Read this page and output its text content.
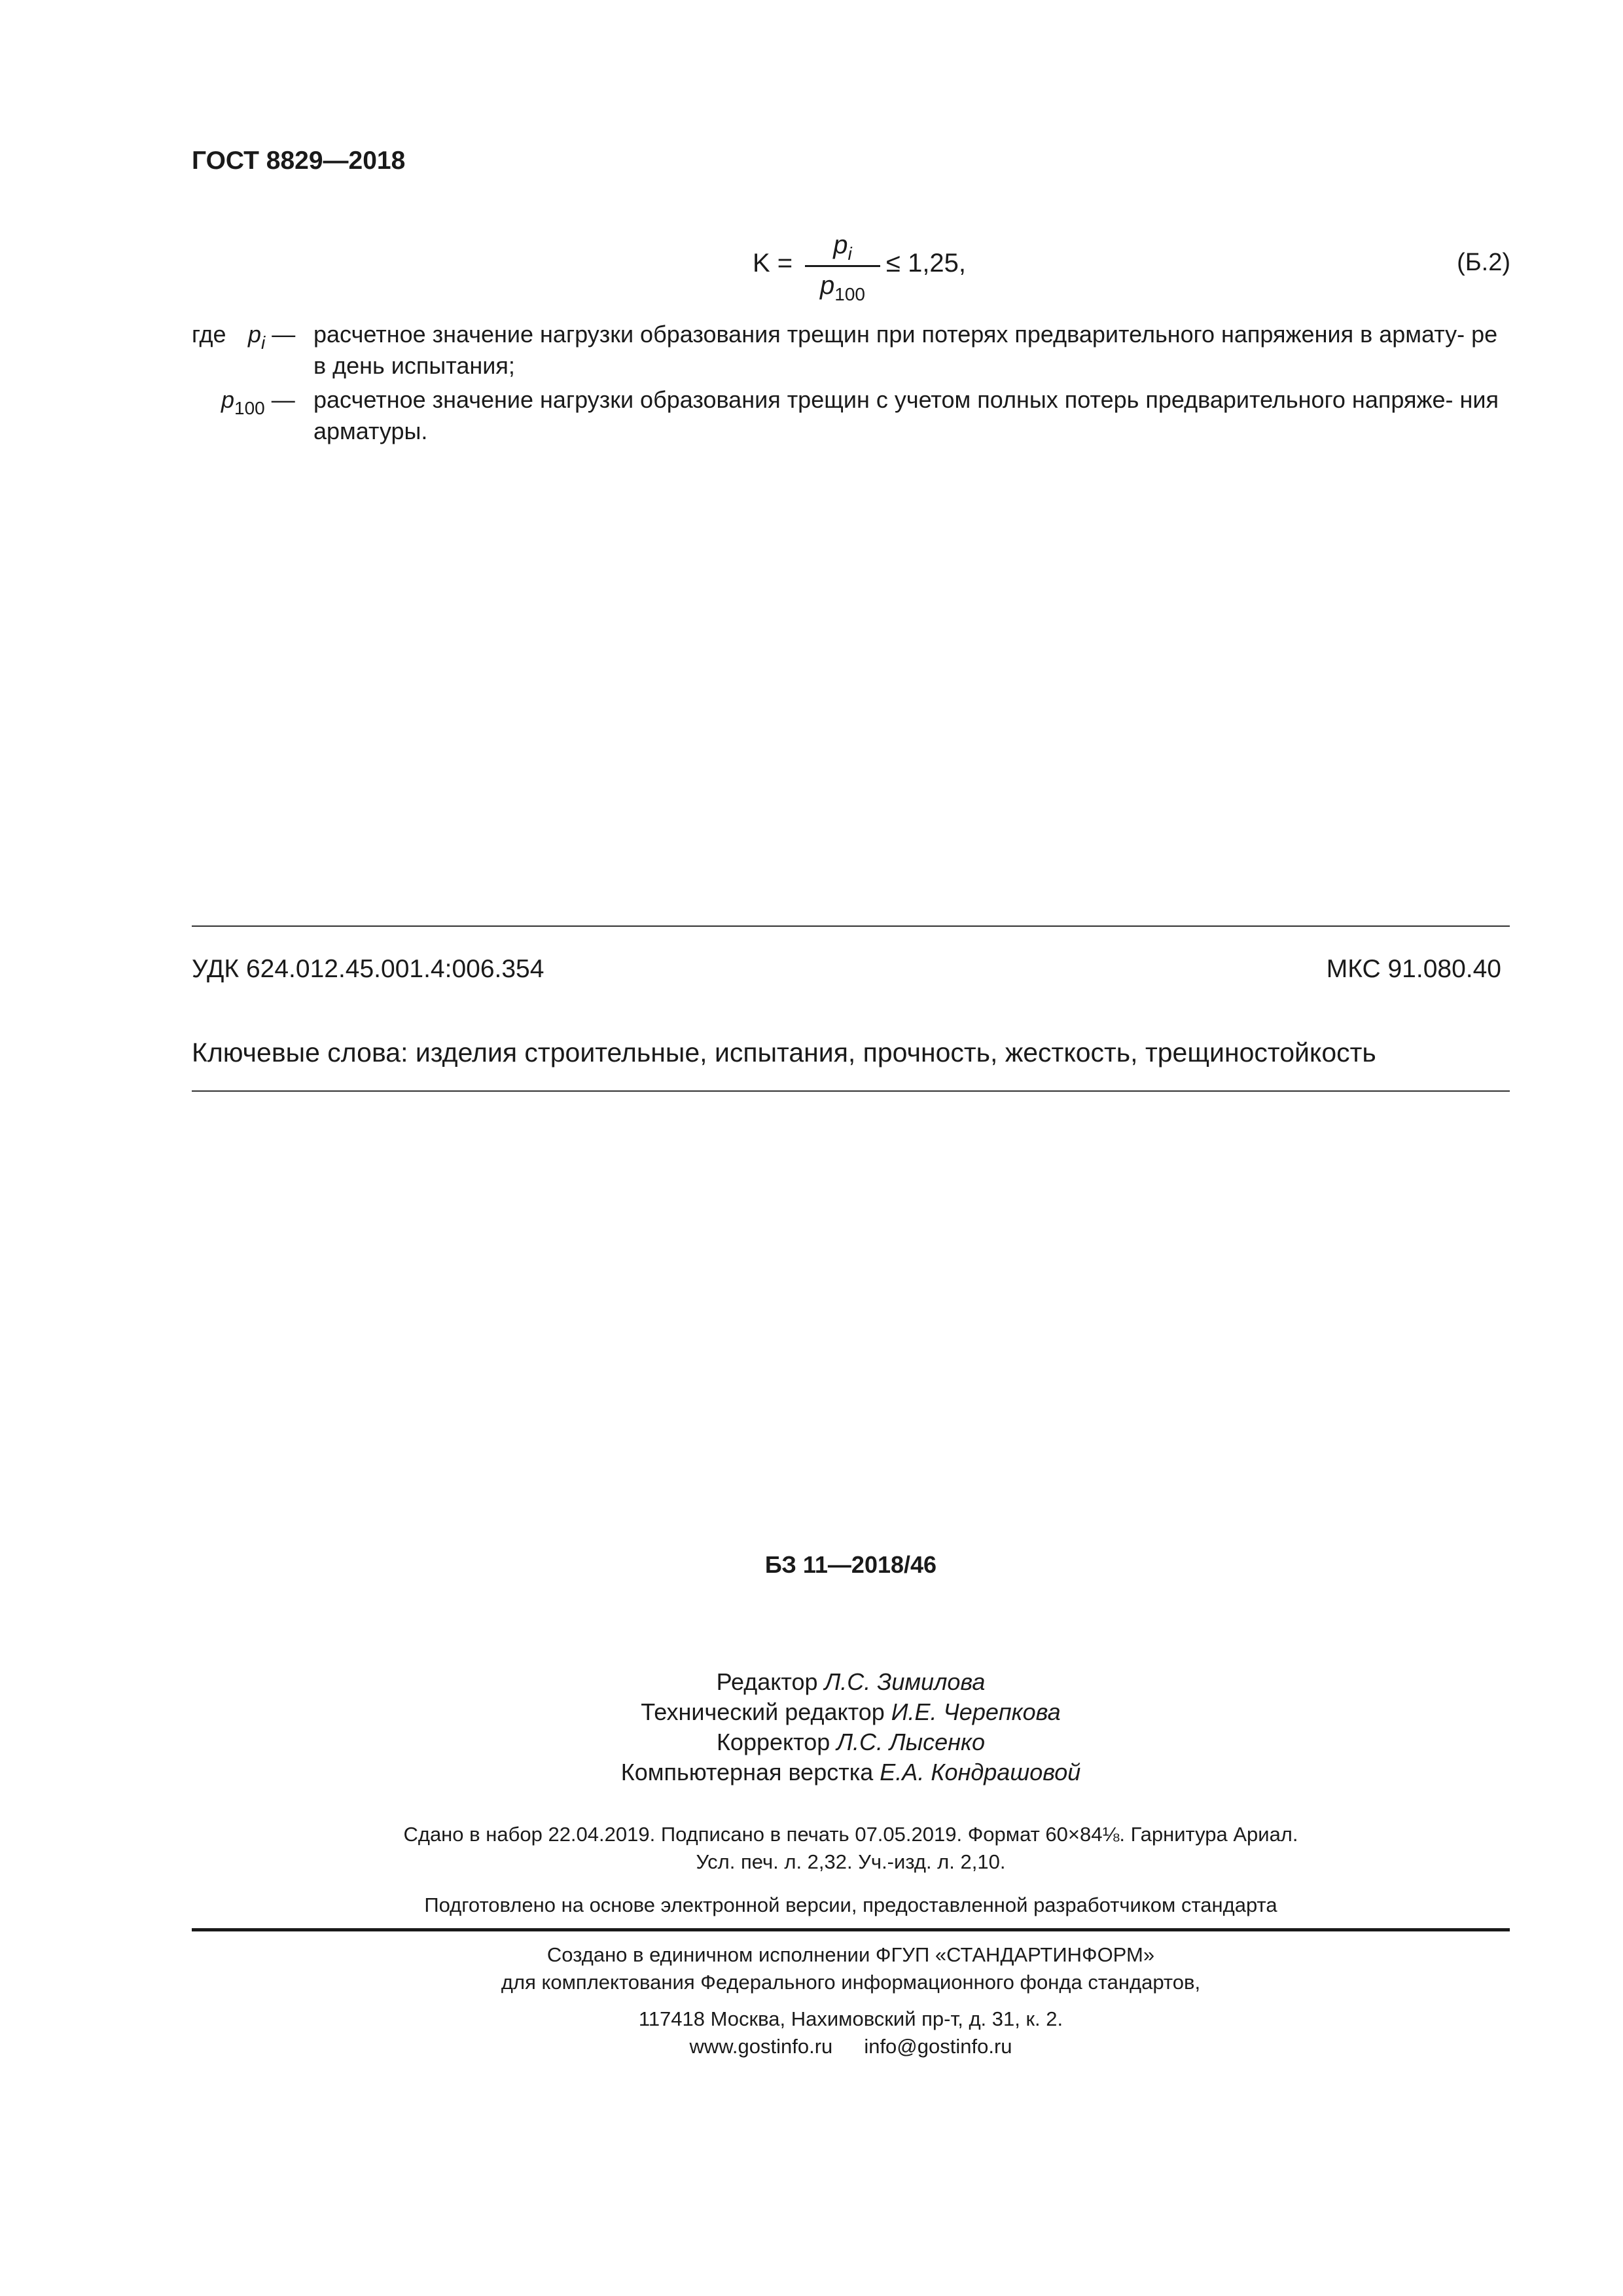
ГОСТ 8829—2018
K =
$p_i$
$p_{100}$
≤ 1,25,	(Б.2)
где $p_i$ — расчетное значение нагрузки образования трещин при потерях предварительного напряжения в армату- ре в день испытания;
$p_{100}$ — расчетное значение нагрузки образования трещин с учетом полных потерь предварительного напряже- ния арматуры.
УДК 624.012.45.001.4:006.354	МКС 91.080.40
Ключевые слова: изделия строительные, испытания, прочность, жесткость, трещиностойкость
БЗ 11—2018/46
Редактор Л.С. Зимилова
Технический редактор И.Е. Черепкова
Корректор Л.С. Лысенко
Компьютерная верстка Е.А. Кондрашовой
Сдано в набор 22.04.2019. Подписано в печать 07.05.2019. Формат 60×84⅛. Гарнитура Ариал.
Усл. печ. л. 2,32. Уч.-изд. л. 2,10.
Подготовлено на основе электронной версии, предоставленной разработчиком стандарта
Создано в единичном исполнении ФГУП «СТАНДАРТИНФОРМ»
для комплектования Федерального информационного фонда стандартов,
117418 Москва, Нахимовский пр-т, д. 31, к. 2.
www.gostinfo.ru info@gostinfo.ru
